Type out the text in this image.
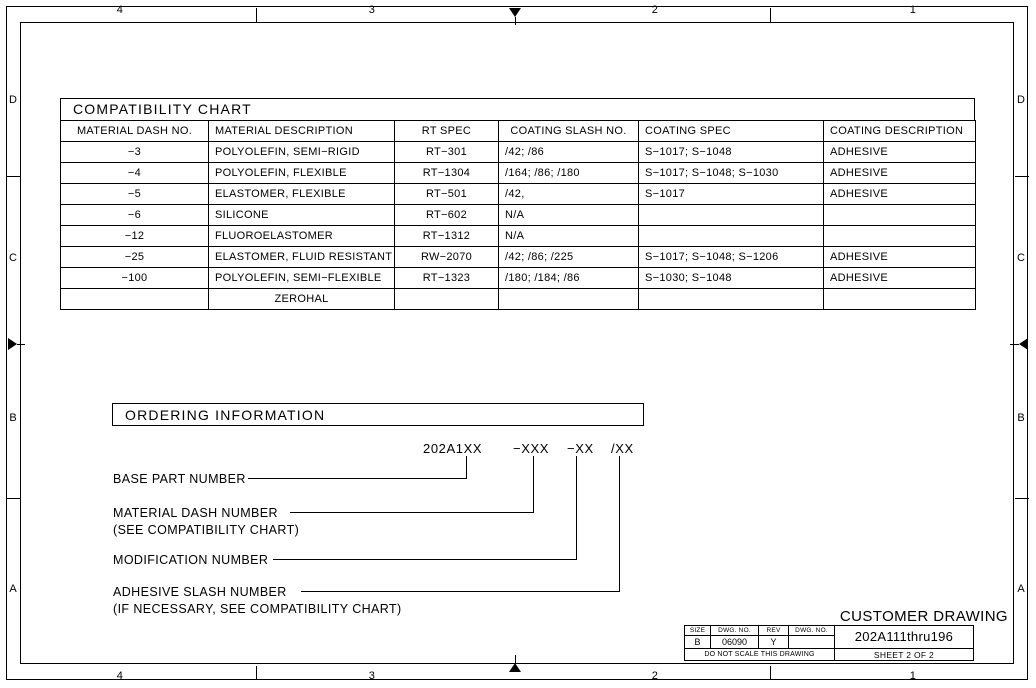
4	3	2	1
4	3	2	1
D
C
B
A
D
C
B
A
COMPATIBILITY CHART
MATERIAL DASH NO.	MATERIAL DESCRIPTION	RT SPEC	COATING SLASH NO.	COATING SPEC	COATING DESCRIPTION
−3	POLYOLEFIN, SEMI−RIGID	RT−301	/42; /86	S−1017; S−1048	ADHESIVE
−4	POLYOLEFIN, FLEXIBLE	RT−1304	/164; /86; /180	S−1017; S−1048; S−1030	ADHESIVE
−5	ELASTOMER, FLEXIBLE	RT−501	/42,	S−1017	ADHESIVE
−6	SILICONE	RT−602	N/A		
−12	FLUOROELASTOMER	RT−1312	N/A		
−25	ELASTOMER, FLUID RESISTANT	RW−2070	/42; /86; /225	S−1017; S−1048; S−1206	ADHESIVE
−100	POLYOLEFIN, SEMI−FLEXIBLE	RT−1323	/180; /184; /86	S−1030; S−1048	ADHESIVE
	ZEROHAL				
ORDERING INFORMATION
202A1XX −XXX −XX /XX
BASE PART NUMBER
MATERIAL DASH NUMBER
(SEE COMPATIBILITY CHART)
MODIFICATION NUMBER
ADHESIVE SLASH NUMBER
(IF NECESSARY, SEE COMPATIBILITY CHART)	CUSTOMER DRAWING
SIZE	DWG. NO.	REV	DWG. NO.
B	06090	Y	202A111thru196
DO NOT SCALE THIS DRAWING	SHEET 2 OF 2
